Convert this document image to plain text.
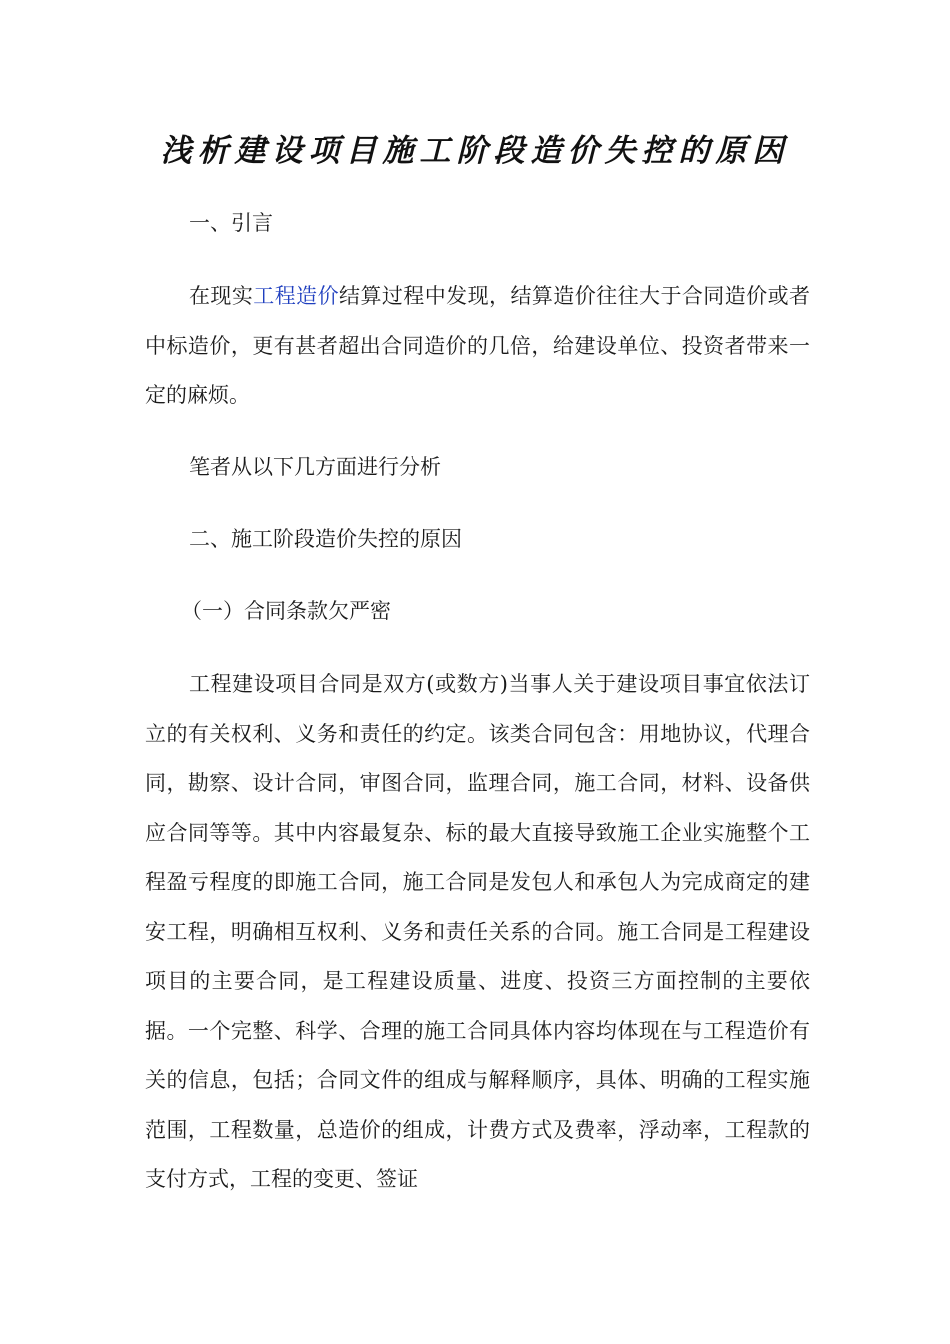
浅析建设项目施工阶段造价失控的原因

一、引言

在现实工程造价结算过程中发现，结算造价往往大于合同造价或者中标造价，更有甚者超出合同造价的几倍，给建设单位、投资者带来一定的麻烦。

笔者从以下几方面进行分析

二、施工阶段造价失控的原因

（一）合同条款欠严密

工程建设项目合同是双方(或数方)当事人关于建设项目事宜依法订立的有关权利、义务和责任的约定。该类合同包含：用地协议，代理合同，勘察、设计合同，审图合同，监理合同，施工合同，材料、设备供应合同等等。其中内容最复杂、标的最大直接导致施工企业实施整个工程盈亏程度的即施工合同，施工合同是发包人和承包人为完成商定的建安工程，明确相互权利、义务和责任关系的合同。施工合同是工程建设项目的主要合同，是工程建设质量、进度、投资三方面控制的主要依据。一个完整、科学、合理的施工合同具体内容均体现在与工程造价有关的信息，包括；合同文件的组成与解释顺序，具体、明确的工程实施范围，工程数量，总造价的组成，计费方式及费率，浮动率，工程款的支付方式，工程的变更、签证
